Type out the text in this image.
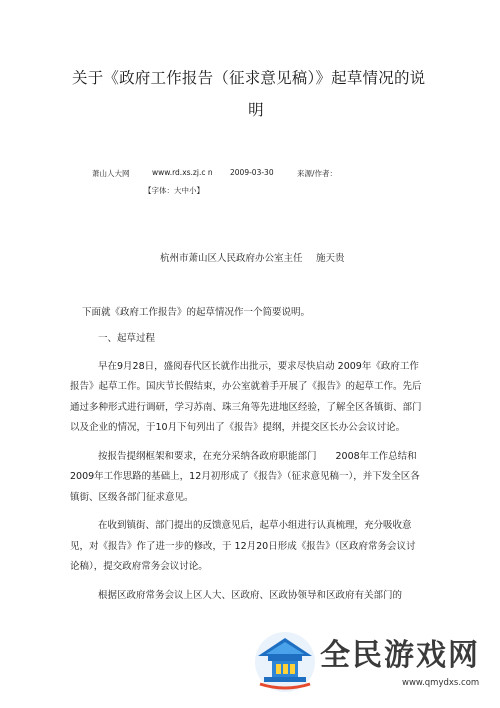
关于《政府工作报告（征求意见稿）》起草情况的说
明
萧山人大网	www.rd.xs.zj.c n 2009-03-30	来源/作者：
【字体：大中小】
杭州市萧山区人民政府办公室主任 施天贵

下面就《政府工作报告》的起草情况作一个简要说明。

一、起草过程

早在9月28日，盛阅春代区长就作出批示，要求尽快启动 2009年《政府工作报告》起草工作。国庆节长假结束，办公室就着手开展了《报告》的起草工作。先后通过多种形式进行调研，学习苏南、珠三角等先进地区经验，了解全区各镇街、部门以及企业的情况，于10月下旬列出了《报告》提纲，并提交区长办公会议讨论。

按报告提纲框架和要求，在充分采纳各政府职能部门　　2008年工作总结和2009年工作思路的基础上，12月初形成了《报告》（征求意见稿一），并下发全区各镇街、区级各部门征求意见。

在收到镇街、部门提出的反馈意见后，起草小组进行认真梳理，充分吸收意见，对《报告》作了进一步的修改，于 12月20日形成《报告》（区政府常务会议讨论稿），提交政府常务会议讨论。

根据区政府常务会议上区人大、区政府、区政协领导和区政府有关部门的

全民游戏网
www.qmydxs.com
